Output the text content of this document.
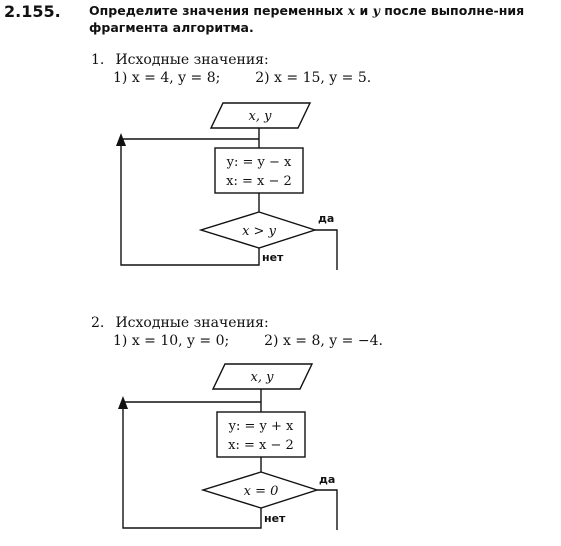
2.155. Определите значения переменных x и y после выполне-ния фрагмента алгоритма.
1. Исходные значения:
1) x = 4, y = 8; 2) x = 15, y = 5.
2. Исходные значения:
1) x = 10, y = 0; 2) x = 8, y = −4.
x, y
y: = y − x
x: = x − 2
x > y
да
нет
x, y
y: = y + x
x: = x − 2
x = 0
да
нет
